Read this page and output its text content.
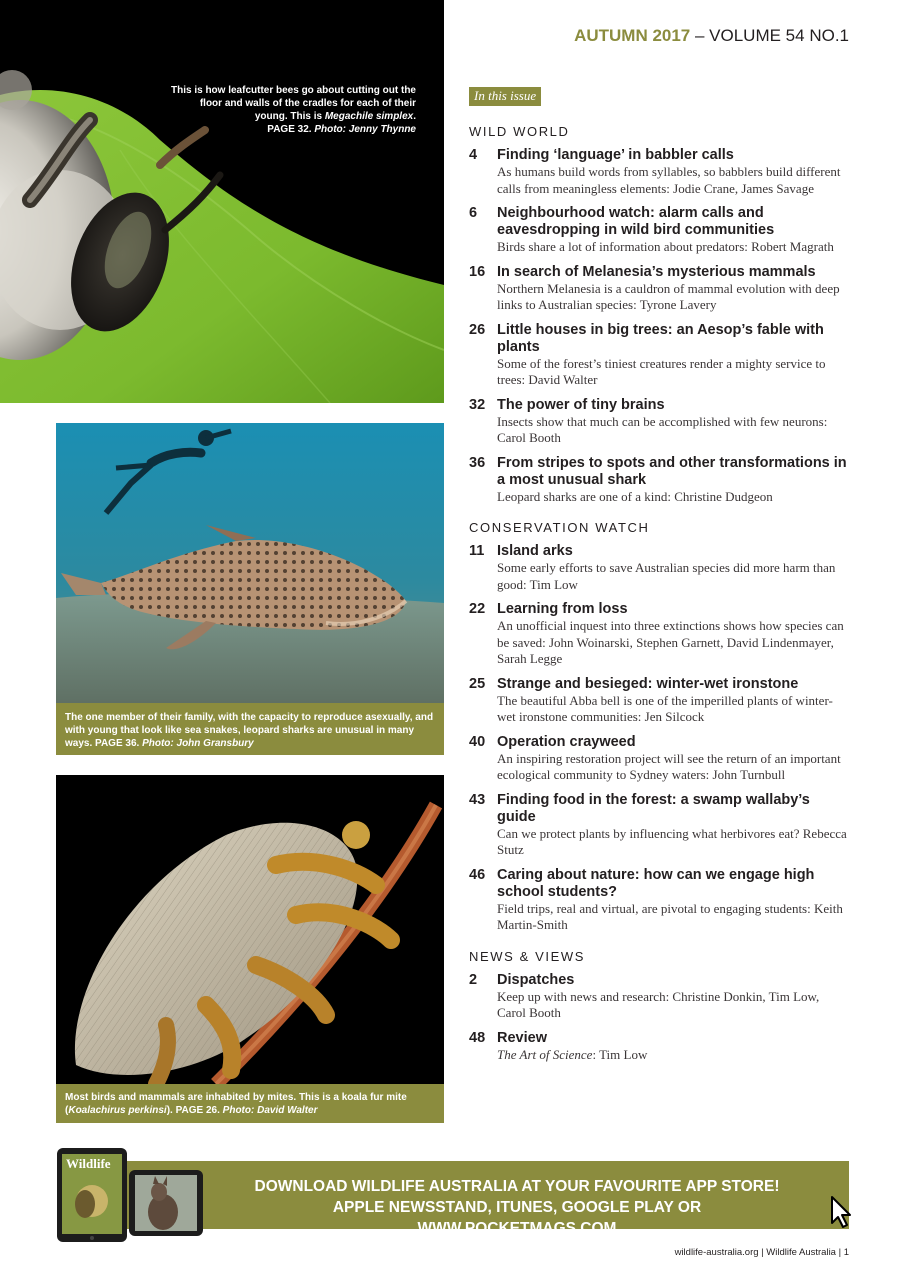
This is how leafcutter bees go about cutting out the floor and walls of the cradles for each of their young. This is Megachile simplex.
PAGE 32. Photo: Jenny Thynne
The one member of their family, with the capacity to reproduce asexually, and with young that look like sea snakes, leopard sharks are unusual in many ways. PAGE 36. Photo: John Gransbury
Most birds and mammals are inhabited by mites. This is a koala fur mite (Koalachirus perkinsi). PAGE 26. Photo: David Walter
AUTUMN 2017 – VOLUME 54 NO.1
In this issue
WILD WORLD
4 Finding ‘language’ in babbler calls
As humans build words from syllables, so babblers build different calls from meaningless elements: Jodie Crane, James Savage
6 Neighbourhood watch: alarm calls and eavesdropping in wild bird communities
Birds share a lot of information about predators: Robert Magrath
16 In search of Melanesia’s mysterious mammals
Northern Melanesia is a cauldron of mammal evolution with deep links to Australian species: Tyrone Lavery
26 Little houses in big trees: an Aesop’s fable with plants
Some of the forest’s tiniest creatures render a mighty service to trees: David Walter
32 The power of tiny brains
Insects show that much can be accomplished with few neurons: Carol Booth
36 From stripes to spots and other transformations in a most unusual shark
Leopard sharks are one of a kind: Christine Dudgeon
CONSERVATION WATCH
11 Island arks
Some early efforts to save Australian species did more harm than good: Tim Low
22 Learning from loss
An unofficial inquest into three extinctions shows how species can be saved: John Woinarski, Stephen Garnett, David Lindenmayer, Sarah Legge
25 Strange and besieged: winter-wet ironstone
The beautiful Abba bell is one of the imperilled plants of winter-wet ironstone communities: Jen Silcock
40 Operation crayweed
An inspiring restoration project will see the return of an important ecological community to Sydney waters: John Turnbull
43 Finding food in the forest: a swamp wallaby’s guide
Can we protect plants by influencing what herbivores eat? Rebecca Stutz
46 Caring about nature: how can we engage high school students?
Field trips, real and virtual, are pivotal to engaging students: Keith Martin-Smith
NEWS & VIEWS
2 Dispatches
Keep up with news and research: Christine Donkin, Tim Low, Carol Booth
48 Review
The Art of Science: Tim Low
DOWNLOAD WILDLIFE AUSTRALIA AT YOUR FAVOURITE APP STORE!
APPLE NEWSSTAND, ITUNES, GOOGLE PLAY OR WWW.POCKETMAGS.COM
Wildlife
wildlife-australia.org | Wildlife Australia | 1
